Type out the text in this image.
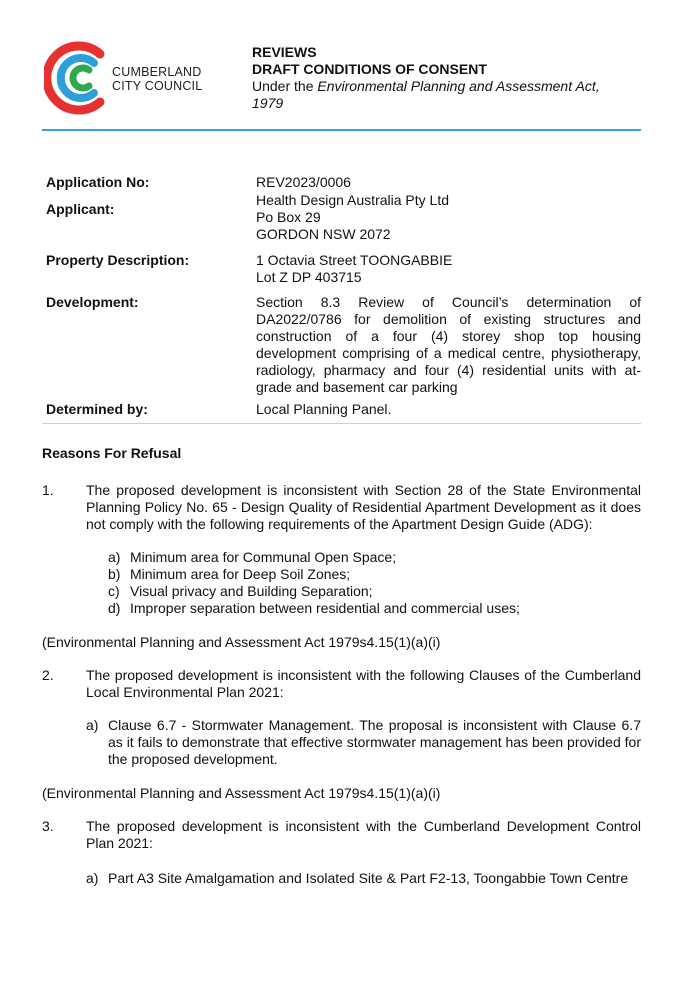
CUMBERLAND
CITY COUNCIL
REVIEWS
DRAFT CONDITIONS OF CONSENT
Under the Environmental Planning and Assessment Act,
1979
Application No:	REV2023/0006
Applicant:
Health Design Australia Pty Ltd
Po Box 29
GORDON NSW 2072
Property Description:	1 Octavia Street TOONGABBIE
Lot Z DP 403715
Development:	Section 8.3 Review of Council’s determination of DA2022/0786 for demolition of existing structures and construction of a four (4) storey shop top housing development comprising of a medical centre, physiotherapy, radiology, pharmacy and four (4) residential units with at-grade and basement car parking
Determined by:	Local Planning Panel.
Reasons For Refusal
1.	The proposed development is inconsistent with Section 28 of the State Environmental Planning Policy No. 65 - Design Quality of Residential Apartment Development as it does not comply with the following requirements of the Apartment Design Guide (ADG):
a) Minimum area for Communal Open Space;
b) Minimum area for Deep Soil Zones;
c) Visual privacy and Building Separation;
d) Improper separation between residential and commercial uses;
(Environmental Planning and Assessment Act 1979s4.15(1)(a)(i)
2.	The proposed development is inconsistent with the following Clauses of the Cumberland Local Environmental Plan 2021:
a) Clause 6.7 - Stormwater Management. The proposal is inconsistent with Clause 6.7 as it fails to demonstrate that effective stormwater management has been provided for the proposed development.
(Environmental Planning and Assessment Act 1979s4.15(1)(a)(i)
3.	The proposed development is inconsistent with the Cumberland Development Control Plan 2021:
a) Part A3 Site Amalgamation and Isolated Site & Part F2-13, Toongabbie Town Centre
